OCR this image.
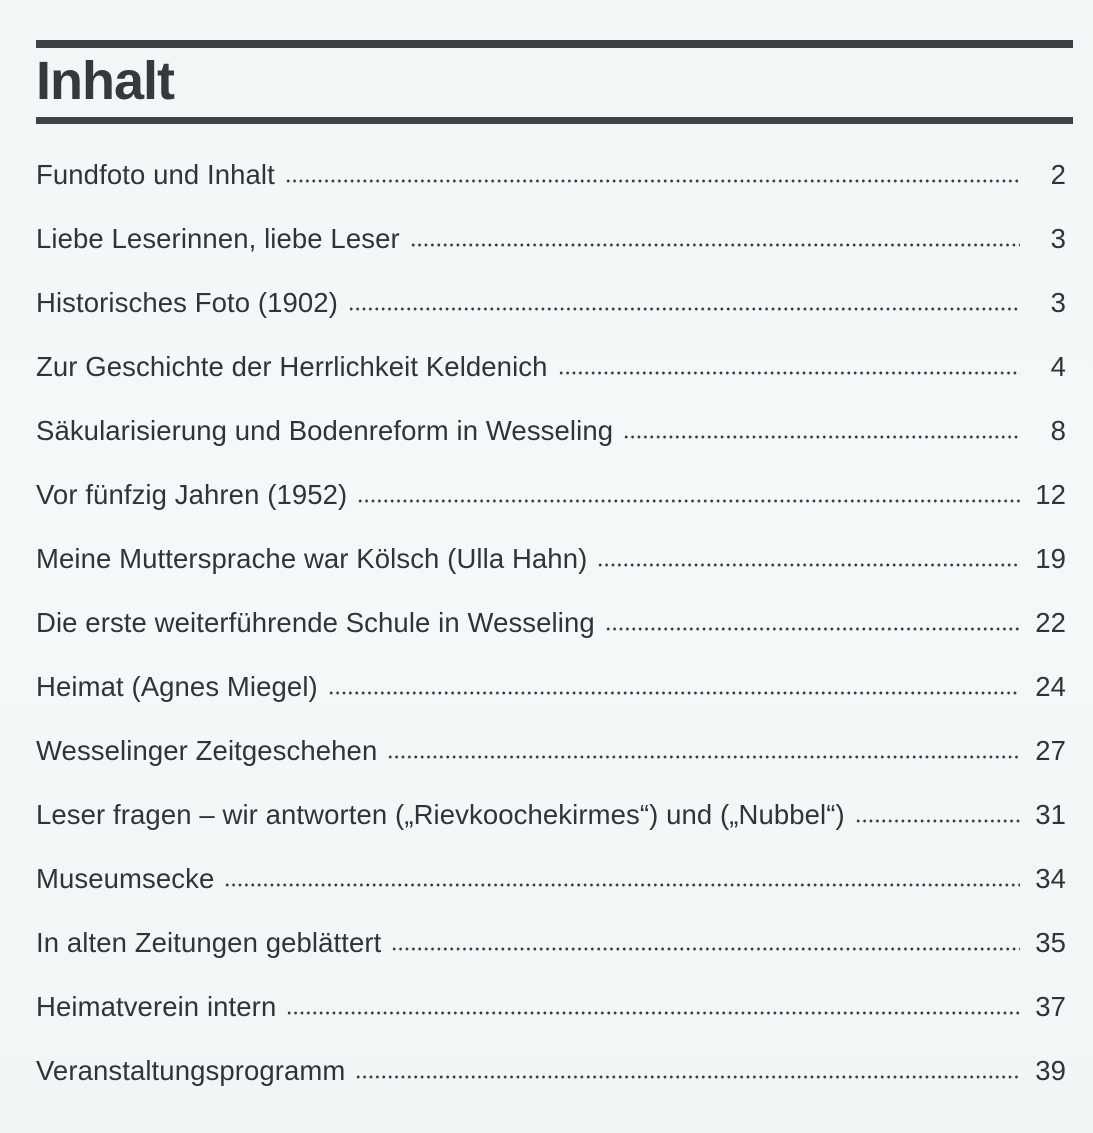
Inhalt
Fundfoto und Inhalt	2
Liebe Leserinnen, liebe Leser	3
Historisches Foto (1902)	3
Zur Geschichte der Herrlichkeit Keldenich	4
Säkularisierung und Bodenreform in Wesseling	8
Vor fünfzig Jahren (1952)	12
Meine Muttersprache war Kölsch (Ulla Hahn)	19
Die erste weiterführende Schule in Wesseling	22
Heimat (Agnes Miegel)	24
Wesselinger Zeitgeschehen	27
Leser fragen – wir antworten („Rievkoochekirmes“) und („Nubbel“)	31
Museumsecke	34
In alten Zeitungen geblättert	35
Heimatverein intern	37
Veranstaltungsprogramm	39
